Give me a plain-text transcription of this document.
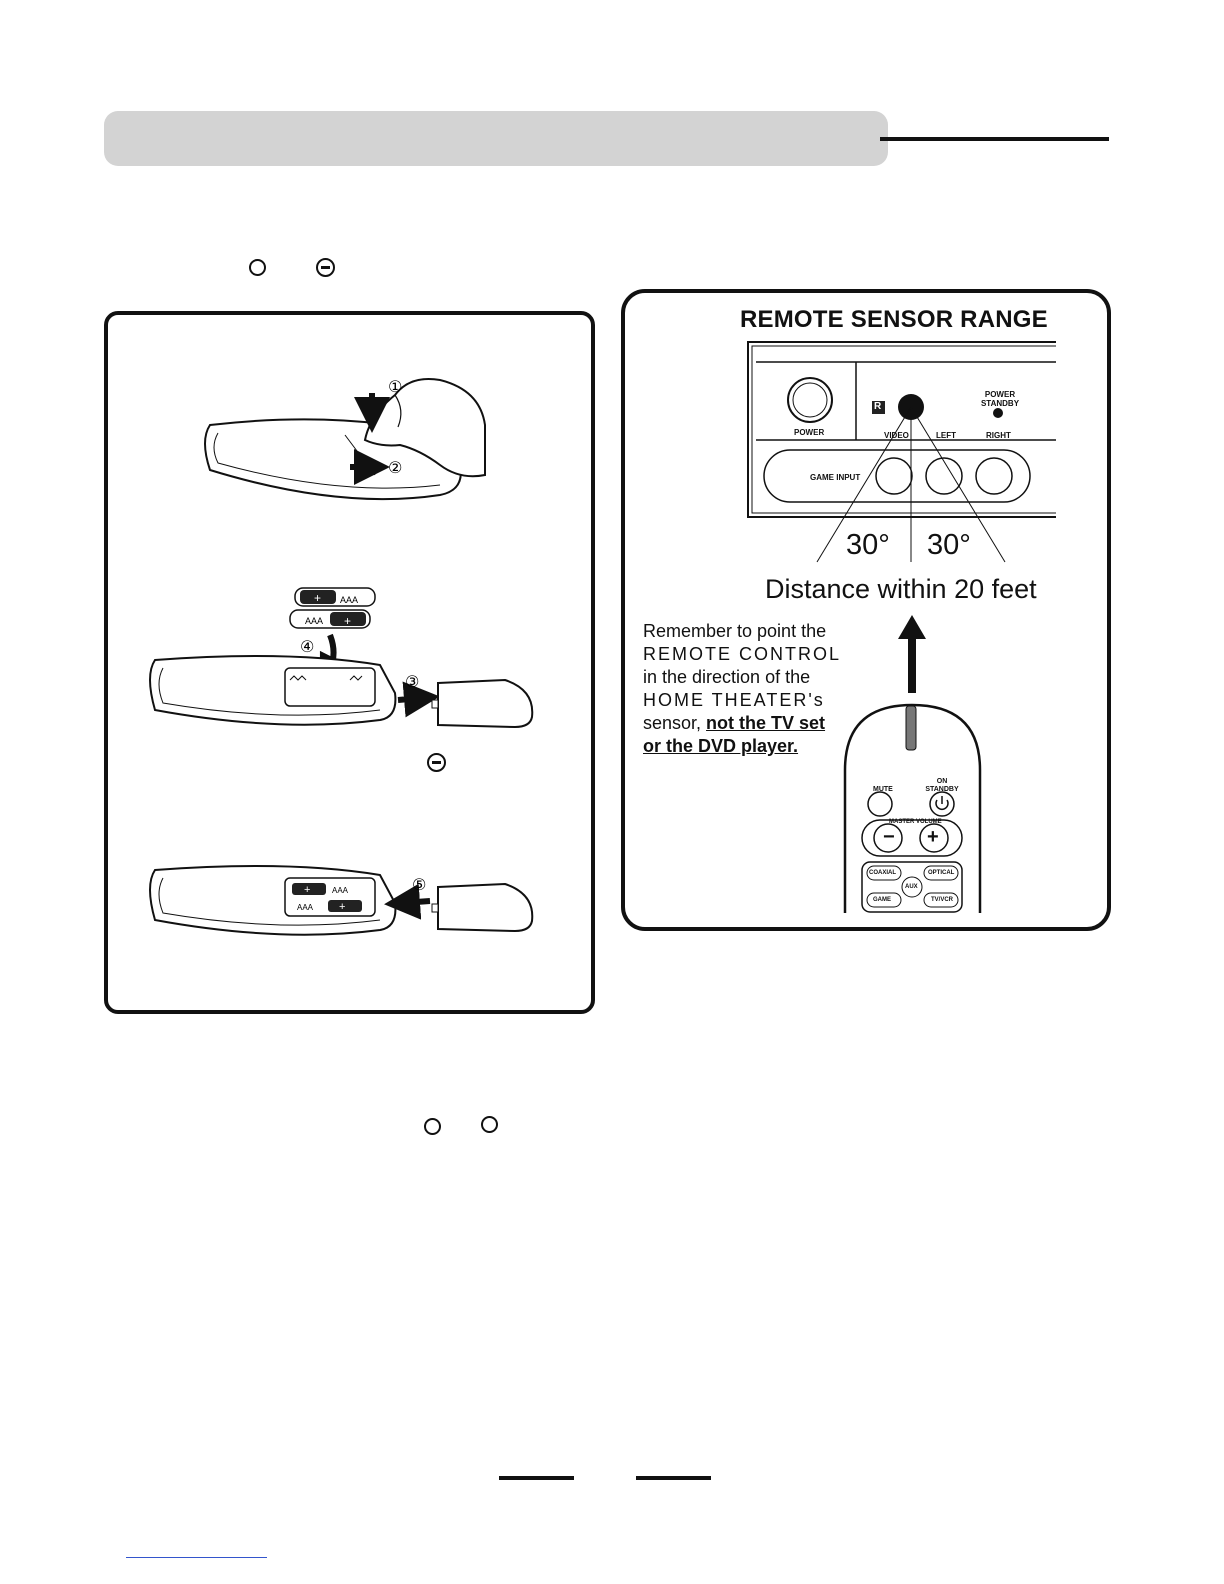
①
②
+ AAA
AAA +
④
③
+	AAA
AAA +
⑤
REMOTE SENSOR RANGE
POWER
R
POWER STANDBY
VIDEO	LEFT	RIGHT
GAME INPUT
30° 30°
Distance within 20 feet
Remember to point the
REMOTE CONTROL
in the direction of the
HOME THEATER's
sensor, not the TV set
or the DVD player.
MUTE
ON STANDBY
MASTER VOLUME
− +
COAXIAL	OPTICAL
AUX
GAME	TV/VCR
